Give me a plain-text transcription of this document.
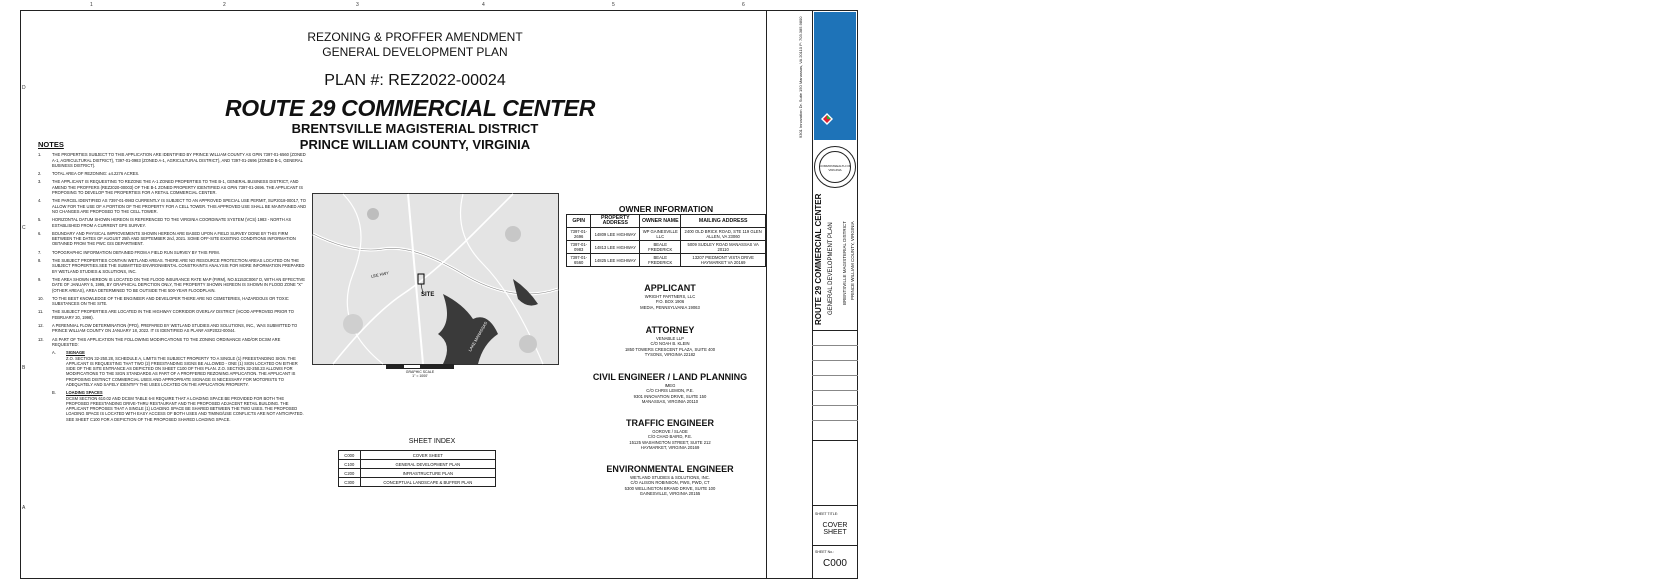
1	2	3	4	5	6
D
C
B
A
REZONING & PROFFER AMENDMENT
GENERAL DEVELOPMENT PLAN
PLAN #: REZ2022-00024
ROUTE 29 COMMERCIAL CENTER
BRENTSVILLE MAGISTERIAL DISTRICT
PRINCE WILLIAM COUNTY, VIRGINIA
NOTES
1.	THE PROPERTIES SUBJECT TO THIS APPLICATION ARE IDENTIFIED BY PRINCE WILLIAM COUNTY AS GPIN 7397-01-6560 (ZONED A-1, AGRICULTURAL DISTRICT), 7397-01-0983 (ZONED A-1, AGRICULTURAL DISTRICT), AND 7397-01-2696 (ZONED B-1, GENERAL BUSINESS DISTRICT).
2.	TOTAL AREA OF REZONING: ±4.2276 ACRES.
3.	THE APPLICANT IS REQUESTING TO REZONE THE A-1 ZONED PROPERTIES TO THE B-1, GENERAL BUSINESS DISTRICT, AND AMEND THE PROFFERS (REZ2020-00003) OF THE B-1 ZONED PROPERTY IDENTIFIED AS GPIN 7397-01-2696. THE APPLICANT IS PROPOSING TO DEVELOP THE PROPERTIES FOR A RETAIL COMMERCIAL CENTER.
4.	THE PARCEL IDENTIFIED AS 7397-01-0983 CURRENTLY IS SUBJECT TO AN APPROVED SPECIAL USE PERMIT, SUP2018-00017, TO ALLOW FOR THE USE OF A PORTION OF THE PROPERTY FOR A CELL TOWER. THIS APPROVED USE SHALL BE MAINTAINED AND NO CHANGES ARE PROPOSED TO THE CELL TOWER.
5.	HORIZONTAL DATUM SHOWN HEREON IS REFERENCED TO THE VIRGINIA COORDINATE SYSTEM (VCS) 1983 - NORTH AS ESTABLISHED FROM A CURRENT GPS SURVEY.
6.	BOUNDARY AND PHYSICAL IMPROVEMENTS SHOWN HEREON ARE BASED UPON A FIELD SURVEY DONE BY THIS FIRM BETWEEN THE DATES OF AUGUST 25th AND SEPTEMBER 2nd, 2021. SOME OFF-SITE EXISTING CONDITIONS INFORMATION OBTAINED FROM THE PWC GIS DEPARTMENT.
7.	TOPOGRAPHIC INFORMATION OBTAINED FROM A FIELD RUN SURVEY BY THIS FIRM.
8.	THE SUBJECT PROPERTIES CONTAIN WETLAND AREAS. THERE ARE NO RESOURCE PROTECTION AREAS LOCATED ON THE SUBJECT PROPERTIES.SEE THE SUBMITTED ENVIRONMENTAL CONSTRAINTS ANALYSIS FOR MORE INFORMATION PREPARED BY WETLAND STUDIES & SOLUTIONS, INC.
9.	THE AREA SHOWN HEREON IS LOCATED ON THE FLOOD INSURANCE RATE MAP (FIRM), NO.51153C0067 D, WITH AN EFFECTIVE DATE OF JANUARY 5, 1995, BY GRAPHICAL DEPICTION ONLY, THE PROPERTY SHOWN HEREON IS SHOWN IN FLOOD ZONE "X" (OTHER AREAS), AREA DETERMINED TO BE OUTSIDE THE 500-YEAR FLOODPLAIN.
10. TO THE BEST KNOWLEDGE OF THE ENGINEER AND DEVELOPER THERE ARE NO CEMETERIES, HAZARDOUS OR TOXIC SUBSTANCES ON THE SITE.
11. THE SUBJECT PROPERTIES ARE LOCATED IN THE HIGHWAY CORRIDOR OVERLAY DISTRICT (HCOD APPROVED PRIOR TO FEBRUARY 20, 1998).
12. A PERENNIAL FLOW DETERMINATION (PFD), PREPARED BY WETLAND STUDIES AND SOLUTIONS, INC., WAS SUBMITTED TO PRINCE WILLIAM COUNTY ON JANUARY 18, 2022. IT IS IDENTIFIED AS PLAN# ASP2022-00044.
13. AS PART OF THIS APPLICATION THE FOLLOWING MODIFICATIONS TO THE ZONING ORDINANCE AND/OR DCSM ARE REQUESTED:
A. SIGNAGE
Z.O. SECTION 32-250.28, SCHEDULE A, LIMITS THE SUBJECT PROPERTY TO A SINGLE (1) FREESTANDING SIGN. THE APPLICANT IS REQUESTING THAT TWO (2) FREESTANDING SIGNS BE ALLOWED - ONE (1) SIGN LOCATED ON EITHER SIDE OF THE SITE ENTRANCE AS DEPICTED ON SHEET C100 OF THIS PLAN. Z.O. SECTION 32-250.23 ALLOWS FOR MODIFICATIONS TO THE SIGN STANDARDS AS PART OF A PROFFERED REZONING APPLICATION. THE APPLICANT IS PROPOSING DISTINCT COMMERCIAL USES AND APPROPRIATE SIGNAGE IS NECESSARY FOR MOTORISTS TO ADEQUATELY AND SAFELY IDENTIFY THE USES LOCATED ON THE APPLICATION PROPERTY.
B. LOADING SPACES
DCSM SECTION 610.02 AND DCSM TABLE 6-8 REQUIRE THAT A LOADING SPACE BE PROVIDED FOR BOTH THE PROPOSED FREESTANDING DRIVE-THRU RESTAURANT AND THE PROPOSED ADJACENT RETAIL BUILDING. THE APPLICANT PROPOSES THAT A SINGLE (1) LOADING SPACE BE SHARED BETWEEN THE TWO USES. THE PROPOSED LOADING SPACE IS LOCATED WITH EASY ACCESS OF BOTH USES AND TIMING/USE CONFLICTS ARE NOT ANTICIPATED. SEE SHEET C100 FOR A DEPICTION OF THE PROPOSED SHARED LOADING SPACE.
SITE
LEE HWY
LAKE MANASSAS
GRAPHIC SCALE
1" = 1000'
OWNER INFORMATION
GPIN	PROPERTY ADDRESS	OWNER NAME	MAILING ADDRESS
7397-01-2696	14809 LEE HIGHWAY	WP GAINESVILLE LLC	2400 OLD BRICK ROAD, STE 119 GLEN ALLEN, VA 23060
7397-01-0983	14813 LEE HIGHWAY	BEALE FREDERICK	5009 SUDLEY ROAD MANASSAS VA 20110
7397-01-6560	14825 LEE HIGHWAY	BEALE FREDERICK	13207 PIEDMONT VISTA DRIVE HAYMARKET VA 20169
APPLICANT
WRIGHT PARTNERS, LLC
P.O. BOX 1906
MEDIA, PENNSYLVANIA 19063
ATTORNEY
VENABLE LLP
C/O NOAH B. KLEIN
1850 TOWERS CRESCENT PLAZA, SUITE 400
TYSONS, VIRGINIA 22182
CIVIL ENGINEER / LAND PLANNING
IMEG
C/O CHRIS LEMON, P.E.
9301 INNOVATION DRIVE, SUITE 150
MANASSAS, VIRGINIA 20110
TRAFFIC ENGINEER
GOROVE / SLADE
C/O CHAD BAIRD, P.E.
15125 WASHINGTON STREET, SUITE 212
HAYMARKET, VIRGINIA 20169
ENVIRONMENTAL ENGINEER
WETLAND STUDIES & SOLUTIONS, INC.
C/O ALISON ROBINSON, PWS, PWD, CT
5300 WELLINGTON BRAND DRIVE, SUITE 100
GAINESVILLE, VIRGINIA 20155
SHEET INDEX
C000	COVER SHEET
C100	GENERAL DEVELOPMENT PLAN
C200	INFRASTRUCTURE PLAN
C300	CONCEPTUAL LANDSCAPE & BUFFER PLAN
IMEG
9301 Innovation Dr. Suite 150 Manassas, VA 20110 P: 703.385.9800
COMMONWEALTH OF VIRGINIA
ROUTE 29 COMMERCIAL CENTER GENERAL DEVELOPMENT PLAN BRENTSVILLE MAGISTERIAL DISTRICT PRINCE WILLIAM COUNTY, VIRGINIA
SHEET TITLE:
COVER SHEET
SHEET No.:
C000
